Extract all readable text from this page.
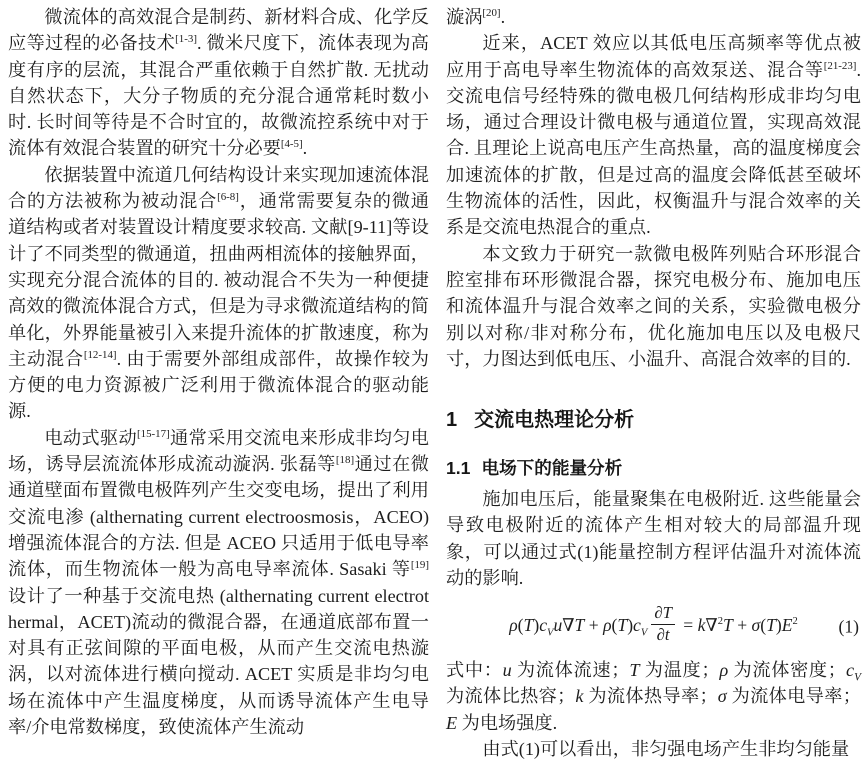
微流体的高效混合是制药、新材料合成、化学反应等过程的必备技术[1-3]. 微米尺度下，流体表现为高度有序的层流，其混合严重依赖于自然扩散. 无扰动自然状态下，大分子物质的充分混合通常耗时数小时. 长时间等待是不合时宜的，故微流控系统中对于流体有效混合装置的研究十分必要[4-5].

依据装置中流道几何结构设计来实现加速流体混合的方法被称为被动混合[6-8]，通常需要复杂的微通道结构或者对装置设计精度要求较高. 文献[9-11]等设计了不同类型的微通道，扭曲两相流体的接触界面，实现充分混合流体的目的. 被动混合不失为一种便捷高效的微流体混合方式，但是为寻求微流道结构的简单化，外界能量被引入来提升流体的扩散速度，称为主动混合[12-14]. 由于需要外部组成部件，故操作较为方便的电力资源被广泛利用于微流体混合的驱动能源.

电动式驱动[15-17]通常采用交流电来形成非均匀电场，诱导层流流体形成流动漩涡. 张磊等[18]通过在微通道壁面布置微电极阵列产生交变电场，提出了利用交流电渗 (althernating current electroosmosis，ACEO)增强流体混合的方法. 但是 ACEO 只适用于低电导率流体，而生物流体一般为高电导率流体. Sasaki 等[19]设计了一种基于交流电热 (althernating current electrothermal，ACET)流动的微混合器，在通道底部布置一对具有正弦间隙的平面电极，从而产生交流电热漩涡，以对流体进行横向搅动. ACET 实质是非均匀电场在流体中产生温度梯度，从而诱导流体产生电导率/介电常数梯度，致使流体产生流动

漩涡[20].

近来，ACET 效应以其低电压高频率等优点被应用于高电导率生物流体的高效泵送、混合等[21-23]. 交流电信号经特殊的微电极几何结构形成非均匀电场，通过合理设计微电极与通道位置，实现高效混合. 且理论上说高电压产生高热量，高的温度梯度会加速流体的扩散，但是过高的温度会降低甚至破坏生物流体的活性，因此，权衡温升与混合效率的关系是交流电热混合的重点.

本文致力于研究一款微电极阵列贴合环形混合腔室排布环形微混合器，探究电极分布、施加电压和流体温升与混合效率之间的关系，实验微电极分别以对称/非对称分布，优化施加电压以及电极尺寸，力图达到低电压、小温升、高混合效率的目的.

1 交流电热理论分析
1.1 电场下的能量分析

施加电压后，能量聚集在电极附近. 这些能量会导致电极附近的流体产生相对较大的局部温升现象，可以通过式(1)能量控制方程评估温升对流体流动的影响.

$\rho(T)c_Vu\nabla T + \rho(T)c_V \frac{\partial T}{\partial t} = k\nabla^2T + \sigma(T)E^2$ (1)

式中：u 为流体流速；T 为温度；ρ 为流体密度；$c_V$ 为流体比热容；k 为流体热导率；σ 为流体电导率；E 为电场强度.

由式(1)可以看出，非匀强电场产生非均匀能量
